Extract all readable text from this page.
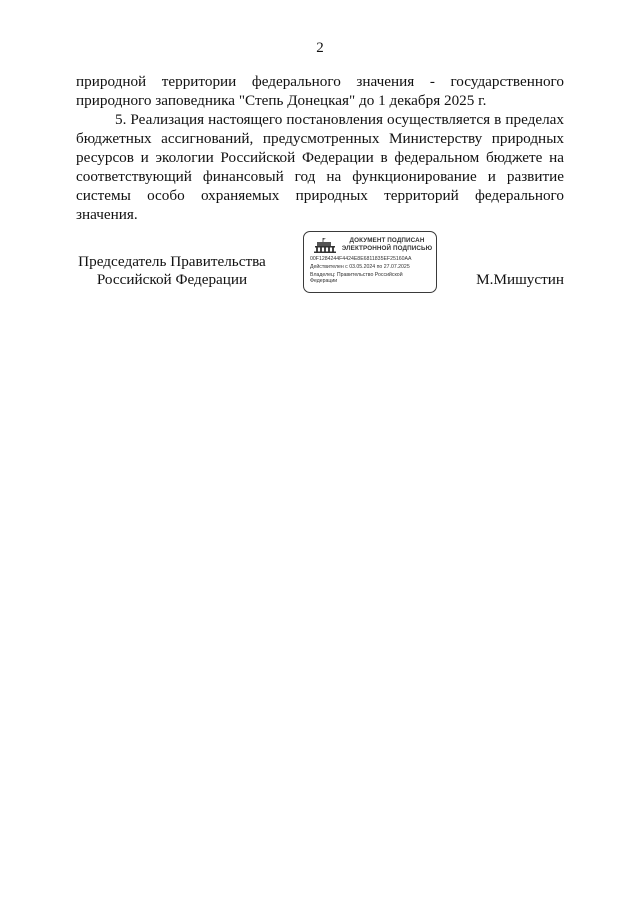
2

природной территории федерального значения - государственного природного заповедника "Степь Донецкая" до 1 декабря 2025 г.

5. Реализация настоящего постановления осуществляется в пределах бюджетных ассигнований, предусмотренных Министерству природных ресурсов и экологии Российской Федерации в федеральном бюджете на соответствующий финансовый год на функционирование и развитие системы особо охраняемых природных территорий федерального значения.

Председатель Правительства
Российской Федерации
ДОКУМЕНТ ПОДПИСАН
ЭЛЕКТРОННОЙ ПОДПИСЬЮ
00F1284244F4424E8E6811835EF25160AA
Действителен с 03.05.2024 по 27.07.2025
Владелец: Правительство Российской Федерации	М.Мишустин
